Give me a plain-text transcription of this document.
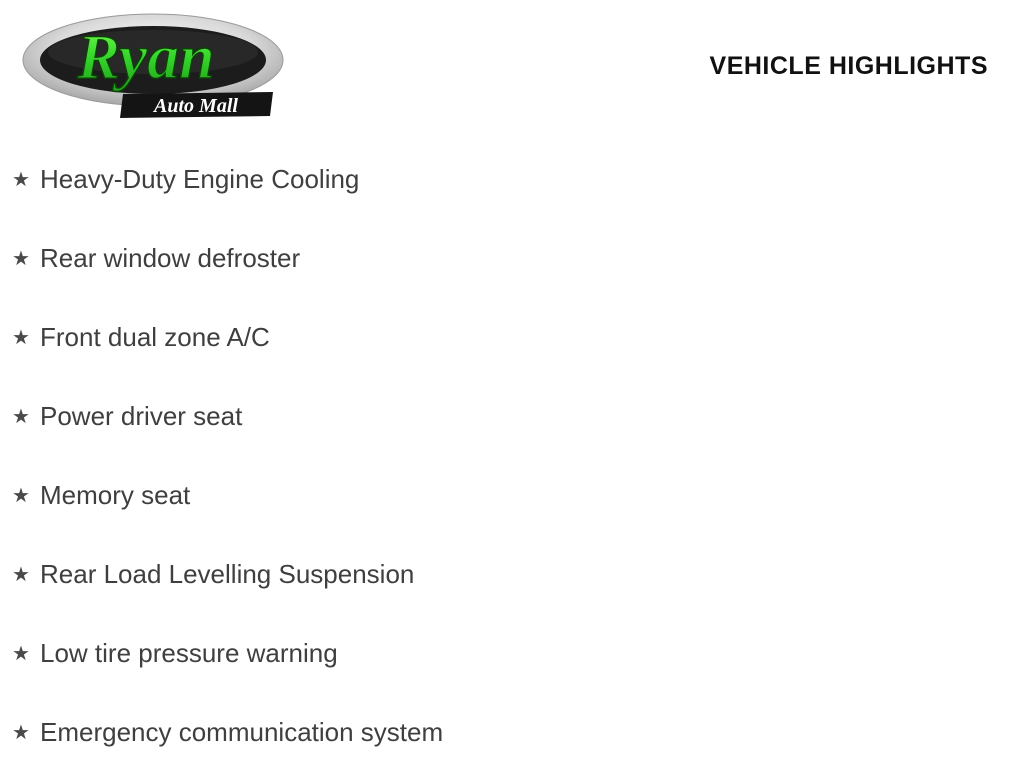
Ryan
Auto Mall
VEHICLE HIGHLIGHTS
★ Heavy-Duty Engine Cooling
★ Rear window defroster
★ Front dual zone A/C
★ Power driver seat
★ Memory seat
★ Rear Load Levelling Suspension
★ Low tire pressure warning
★ Emergency communication system
